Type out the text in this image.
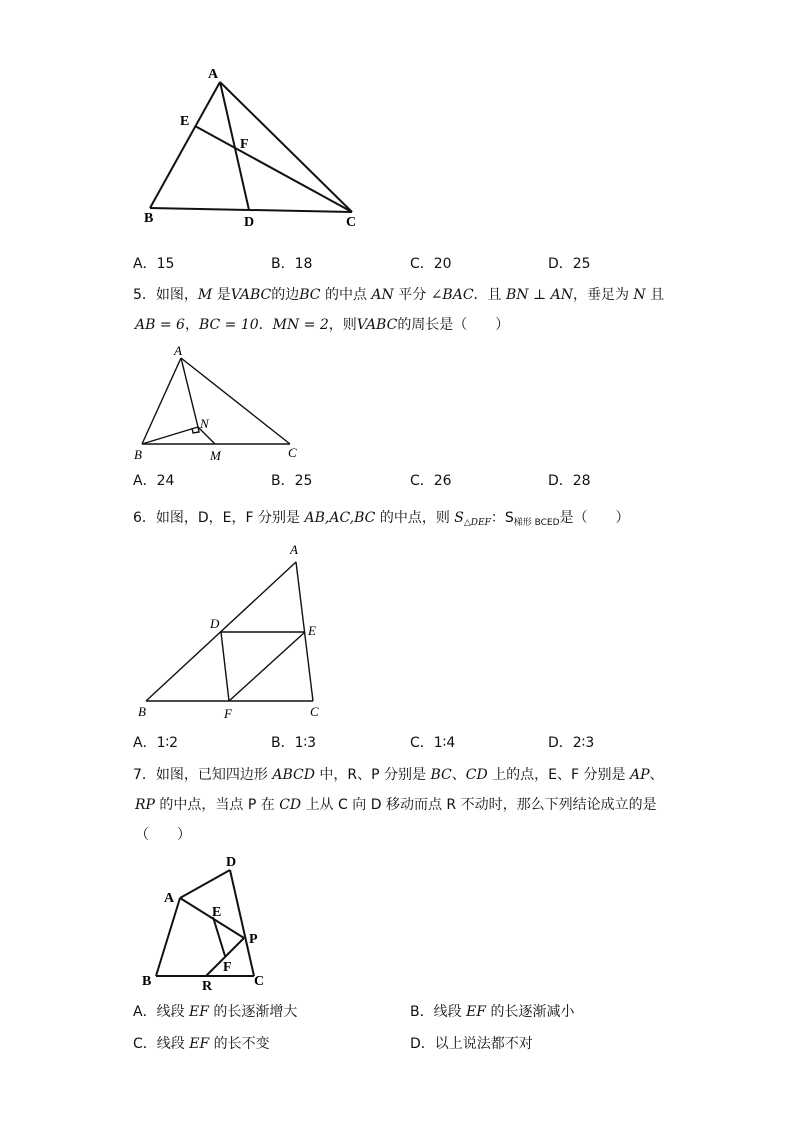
A
E
F
B	D	C
A．15	B．18	C．20	D．25
5．如图，M 是VABC的边BC 的中点 AN 平分 ∠BAC．且 BN ⊥ AN，垂足为 N 且
AB = 6，BC = 10．MN = 2，则VABC的周长是（　　）
A
N
B	M	C
A．24	B．25	C．26	D．28
6．如图，D，E，F 分别是 AB,AC,BC 的中点，则 $S_{\triangle DEF}$：$S_{梯形 BCED}$是（　　）
A
D	E
B	F	C
A．1∶2	B．1∶3	C．1∶4	D．2∶3
7．如图，已知四边形 ABCD 中，R、P 分别是 BC、CD 上的点，E、F 分别是 AP、
RP 的中点，当点 P 在 CD 上从 C 向 D 移动而点 R 不动时，那么下列结论成立的是
（　　）
D
A
E
P
F
B	R	C
A．线段 EF 的长逐渐增大	B．线段 EF 的长逐渐减小
C．线段 EF 的长不变	D．以上说法都不对
